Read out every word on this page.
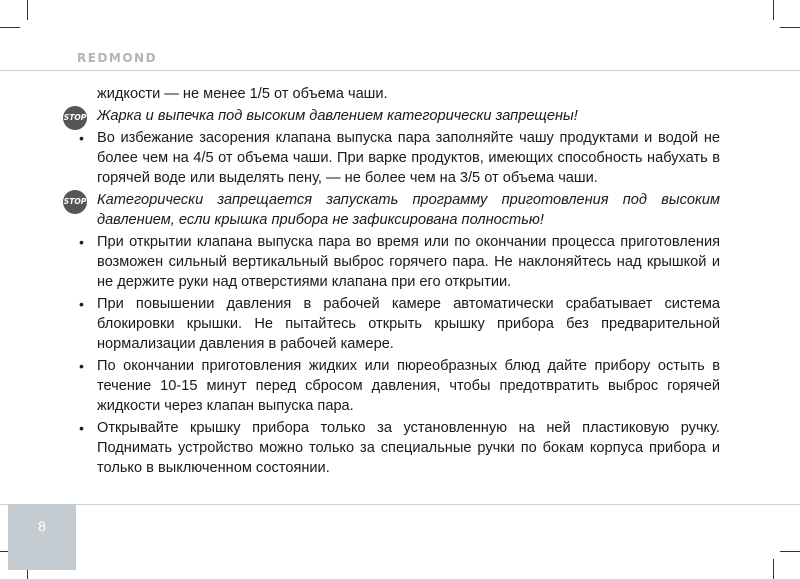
REDMOND
жидкости — не менее 1/5 от объема чаши.
STOP Жарка и выпечка под высоким давлением категорически запрещены!
• Во избежание засорения клапана выпуска пара заполняйте чашу продуктами и водой не более чем на 4/5 от объема чаши. При варке продуктов, имеющих способность набухать в горячей воде или выделять пену, — не более чем на 3/5 от объема чаши.
STOP Категорически запрещается запускать программу приготовления под высоким давлением, если крышка прибора не зафиксирована полностью!
• При открытии клапана выпуска пара во время или по окончании процесса приготовления возможен сильный вертикальный выброс горячего пара. Не наклоняйтесь над крышкой и не держите руки над отверстиями клапана при его открытии.
• При повышении давления в рабочей камере автоматически срабатывает система блокировки крышки. Не пытайтесь открыть крышку прибора без предварительной нормализации давления в рабочей камере.
• По окончании приготовления жидких или пюреобразных блюд дайте прибору остыть в течение 10-15 минут перед сбросом давления, чтобы предотвратить выброс горячей жидкости через клапан выпуска пара.
• Открывайте крышку прибора только за установленную на ней пластиковую ручку. Поднимать устройство можно только за специальные ручки по бокам корпуса прибора и только в выключенном состоянии.
8
